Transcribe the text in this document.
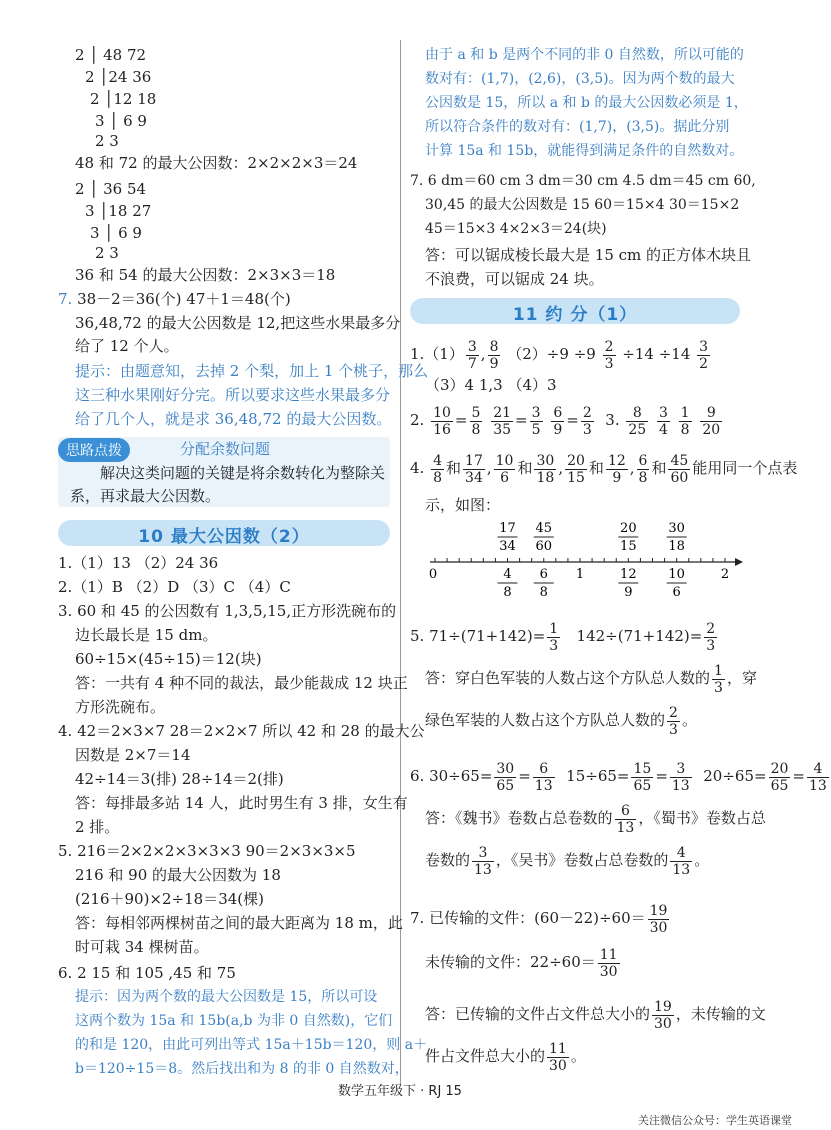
2 │ 48 72
2 │24 36
2 │12 18
3 │ 6 9
2 3
48 和 72 的最大公因数：2×2×2×3＝24
2 │ 36 54
3 │18 27
3 │ 6 9
2 3
36 和 54 的最大公因数：2×3×3＝18
7. 38－2＝36(个) 47＋1＝48(个)
36,48,72 的最大公因数是 12,把这些水果最多分
给了 12 个人。
提示：由题意知，去掉 2 个梨，加上 1 个桃子，那么
这三种水果刚好分完。所以要求这些水果最多分
给了几个人，就是求 36,48,72 的最大公因数。
思路点拨	分配余数问题
解决这类问题的关键是将余数转化为整除关
系，再求最大公因数。
10 最大公因数（2）
1.（1）13 （2）24 36
2.（1）B （2）D （3）C （4）C
3. 60 和 45 的公因数有 1,3,5,15,正方形洗碗布的
边长最长是 15 dm。
60÷15×(45÷15)＝12(块)
答：一共有 4 种不同的裁法，最少能裁成 12 块正
方形洗碗布。
4. 42＝2×3×7 28＝2×2×7 所以 42 和 28 的最大公
因数是 2×7＝14
42÷14＝3(排) 28÷14＝2(排)
答：每排最多站 14 人，此时男生有 3 排，女生有
2 排。
5. 216＝2×2×2×3×3×3 90＝2×3×3×5
216 和 90 的最大公因数为 18
(216＋90)×2÷18＝34(棵)
答：每相邻两棵树苗之间的最大距离为 18 m，此
时可栽 34 棵树苗。
6. 2 15 和 105 ,45 和 75
提示：因为两个数的最大公因数是 15，所以可设
这两个数为 15a 和 15b(a,b 为非 0 自然数)，它们
的和是 120，由此可列出等式 15a＋15b＝120，则 a＋
b＝120÷15＝8。然后找出和为 8 的非 0 自然数对，
由于 a 和 b 是两个不同的非 0 自然数，所以可能的
数对有：(1,7)，(2,6)，(3,5)。因为两个数的最大
公因数是 15，所以 a 和 b 的最大公因数必须是 1，
所以符合条件的数对有：(1,7)，(3,5)。据此分别
计算 15a 和 15b，就能得到满足条件的自然数对。
7. 6 dm＝60 cm 3 dm＝30 cm 4.5 dm＝45 cm 60,
30,45 的最大公因数是 15 60＝15×4 30＝15×2
45＝15×3 4×2×3＝24(块)
答：可以锯成棱长最大是 15 cm 的正方体木块且
不浪费，可以锯成 24 块。
11 约 分（1）
$1.(1) \frac{3}{7}$ , $\frac{8}{9} (2)\div 9 \div 9 \frac{2}{3} \div 14 \div 14 \frac{3}{2}$
（3）4 1,3 （4）3
2. $\frac{10}{16} = \frac{5}{8}$
$\frac{21}{35} = \frac{3}{5}$
$\frac{6}{9} = \frac{2}{3} 3$. $\frac{8}{25}$
$\frac{3}{4}$
$\frac{1}{8}$
$\frac{9}{20}$
4. $\frac{4}{8}$ 和 $\frac{17}{34}$ , $\frac{10}{6}$ 和 $\frac{30}{18}$ , $\frac{20}{15}$ 和 $\frac{12}{9}$ , $\frac{6}{8}$ 和 $\frac{45}{60}$ 能用同一个点表
示，如图：
17
34
45
60
20
15
30
18
4
8
6
8
12
9
10
6
0	1	2
5. $71\div(71+142)= \frac{1}{3} 142\div(71+142)= \frac{2}{3}$
答：穿白色军装的人数占这个方队总人数的 $\frac{1}{3}$ ，穿
绿色军装的人数占这个方队总人数的 $\frac{2}{3}$ 。
6. $30\div 65= \frac{30}{65} = \frac{6}{13} 15\div 65= \frac{15}{65} = \frac{3}{13} 20\div 65= \frac{20}{65} = \frac{4}{13}$
答：《魏书》卷数占总卷数的 $\frac{6}{13}$ ，《蜀书》卷数占总
卷数的 $\frac{3}{13}$ ，《吴书》卷数占总卷数的 $\frac{4}{13}$ 。
7. 已传输的文件：$(60-22)\div 60= \frac{19}{30}$
未传输的文件：$22\div 60= \frac{11}{30}$
答：已传输的文件占文件总大小的 $\frac{19}{30}$ ，未传输的文
件占文件总大小的 $\frac{11}{30}$ 。
数学五年级下 · RJ 15
关注微信公众号：学生英语课堂
